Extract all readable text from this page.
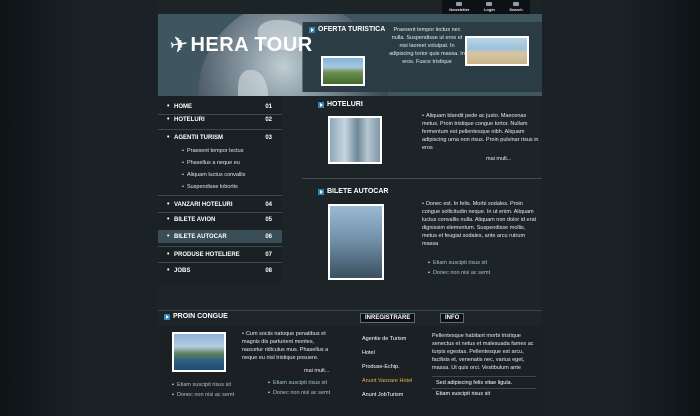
Newsletter	Login	Search
OFERTA TURISTICA	Praesent tempor lectus nec nulla. Suspendisse ut eros et nisi laoreet volutpat. In adipiscing tortor quis massa. In eros. Fusce tristique
✈ HERA TOUR
• HOME	01
• HOTELURI	02
• AGENTII TURISM	03
• Praesent tempor lectus
• Phasellus a neque eu
• Aliquam luctus convallis
• Suspendisse lobortis
• VANZARI HOTELURI	04
• BILETE AVION	05
• BILETE AUTOCAR	06
• PRODUSE HOTELIERE	07
• JOBS	08
HOTELURI
• Aliquam blandit pede ac justo. Maecenas metus. Proin tristique congue tortor. Nullam fermentum est pellentesque nibh. Aliquam adipiscing urna non risus. Proin pulvinar risus in eros
mai mult...
BILETE AUTOCAR
• Donec est. In felis. Morbi sodales. Proin congue sollicitudin neque. In ut enim. Aliquam luctus convallis nulla. Aliquam non dolor id erat dignissim elementum. Suspendisse mollis, metus et feugiat sodales, ante arcu rutrum massa
• Etiam suscipit risus sit
• Donec non nisi ac semt
PROIN CONGUE	INREGISTRARE	INFO
• Cum sociis natoque penatibus et magnis dis parturient montes, nascetur ridiculus mus. Phasellus a neque eu nisl tristique posuere.
mai mult...
• Etiam suscipit risus sit
• Donec non nisi ac semt
• Etiam suscipit risus sit
• Donec non nisi ac semt
Agentie de Turism
Hotel
Produse-Echip.
Anunt Vanzare Hotel
Anunt JobTurism
Pellentesque habitant morbi tristique senectus et netus et malesuada fames ac turpis egestas. Pellentesque est arcu, facilisis et, venenatis nec, varius eget, massa. Ut quis orci. Vestibulum ante
Sed adipiscing felis vitae ligula.
Etiam suscipit risus sit
